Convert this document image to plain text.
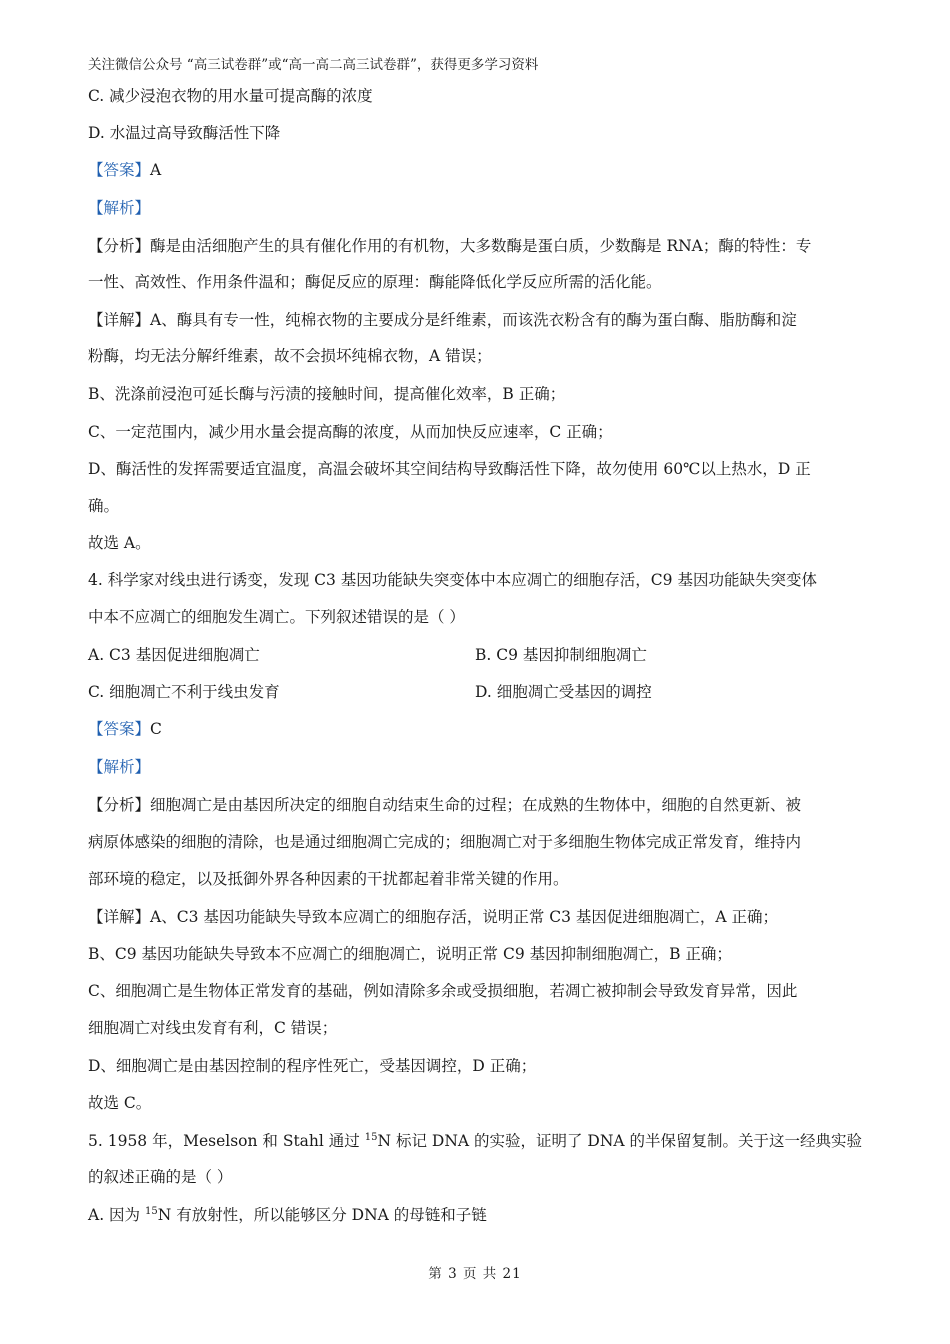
关注微信公众号 “高三试卷群”或“高一高二高三试卷群”，获得更多学习资料
C. 减少浸泡衣物的用水量可提高酶的浓度
D. 水温过高导致酶活性下降
【答案】A
【解析】
【分析】酶是由活细胞产生的具有催化作用的有机物，大多数酶是蛋白质，少数酶是 RNA；酶的特性：专
一性、高效性、作用条件温和；酶促反应的原理：酶能降低化学反应所需的活化能。
【详解】A、酶具有专一性，纯棉衣物的主要成分是纤维素，而该洗衣粉含有的酶为蛋白酶、脂肪酶和淀
粉酶，均无法分解纤维素，故不会损坏纯棉衣物，A 错误；
B、洗涤前浸泡可延长酶与污渍的接触时间，提高催化效率，B 正确；
C、一定范围内，减少用水量会提高酶的浓度，从而加快反应速率，C 正确；
D、酶活性的发挥需要适宜温度，高温会破坏其空间结构导致酶活性下降，故勿使用 60℃以上热水，D 正
确。
故选 A。
4. 科学家对线虫进行诱变，发现 C3 基因功能缺失突变体中本应凋亡的细胞存活，C9 基因功能缺失突变体
中本不应凋亡的细胞发生凋亡。下列叙述错误的是（ ）
A. C3 基因促进细胞凋亡	B. C9 基因抑制细胞凋亡
C. 细胞凋亡不利于线虫发育	D. 细胞凋亡受基因的调控
【答案】C
【解析】
【分析】细胞凋亡是由基因所决定的细胞自动结束生命的过程；在成熟的生物体中，细胞的自然更新、被
病原体感染的细胞的清除，也是通过细胞凋亡完成的；细胞凋亡对于多细胞生物体完成正常发育，维持内
部环境的稳定，以及抵御外界各种因素的干扰都起着非常关键的作用。
【详解】A、C3 基因功能缺失导致本应凋亡的细胞存活，说明正常 C3 基因促进细胞凋亡，A 正确；
B、C9 基因功能缺失导致本不应凋亡的细胞凋亡，说明正常 C9 基因抑制细胞凋亡，B 正确；
C、细胞凋亡是生物体正常发育的基础，例如清除多余或受损细胞，若凋亡被抑制会导致发育异常，因此
细胞凋亡对线虫发育有利，C 错误；
D、细胞凋亡是由基因控制的程序性死亡，受基因调控，D 正确；
故选 C。
5. 1958 年，Meselson 和 Stahl 通过 $^{15}$N 标记 DNA 的实验，证明了 DNA 的半保留复制。关于这一经典实验
的叙述正确的是（ ）
A. 因为 $^{15}$N 有放射性，所以能够区分 DNA 的母链和子链
第 3 页 共 21
